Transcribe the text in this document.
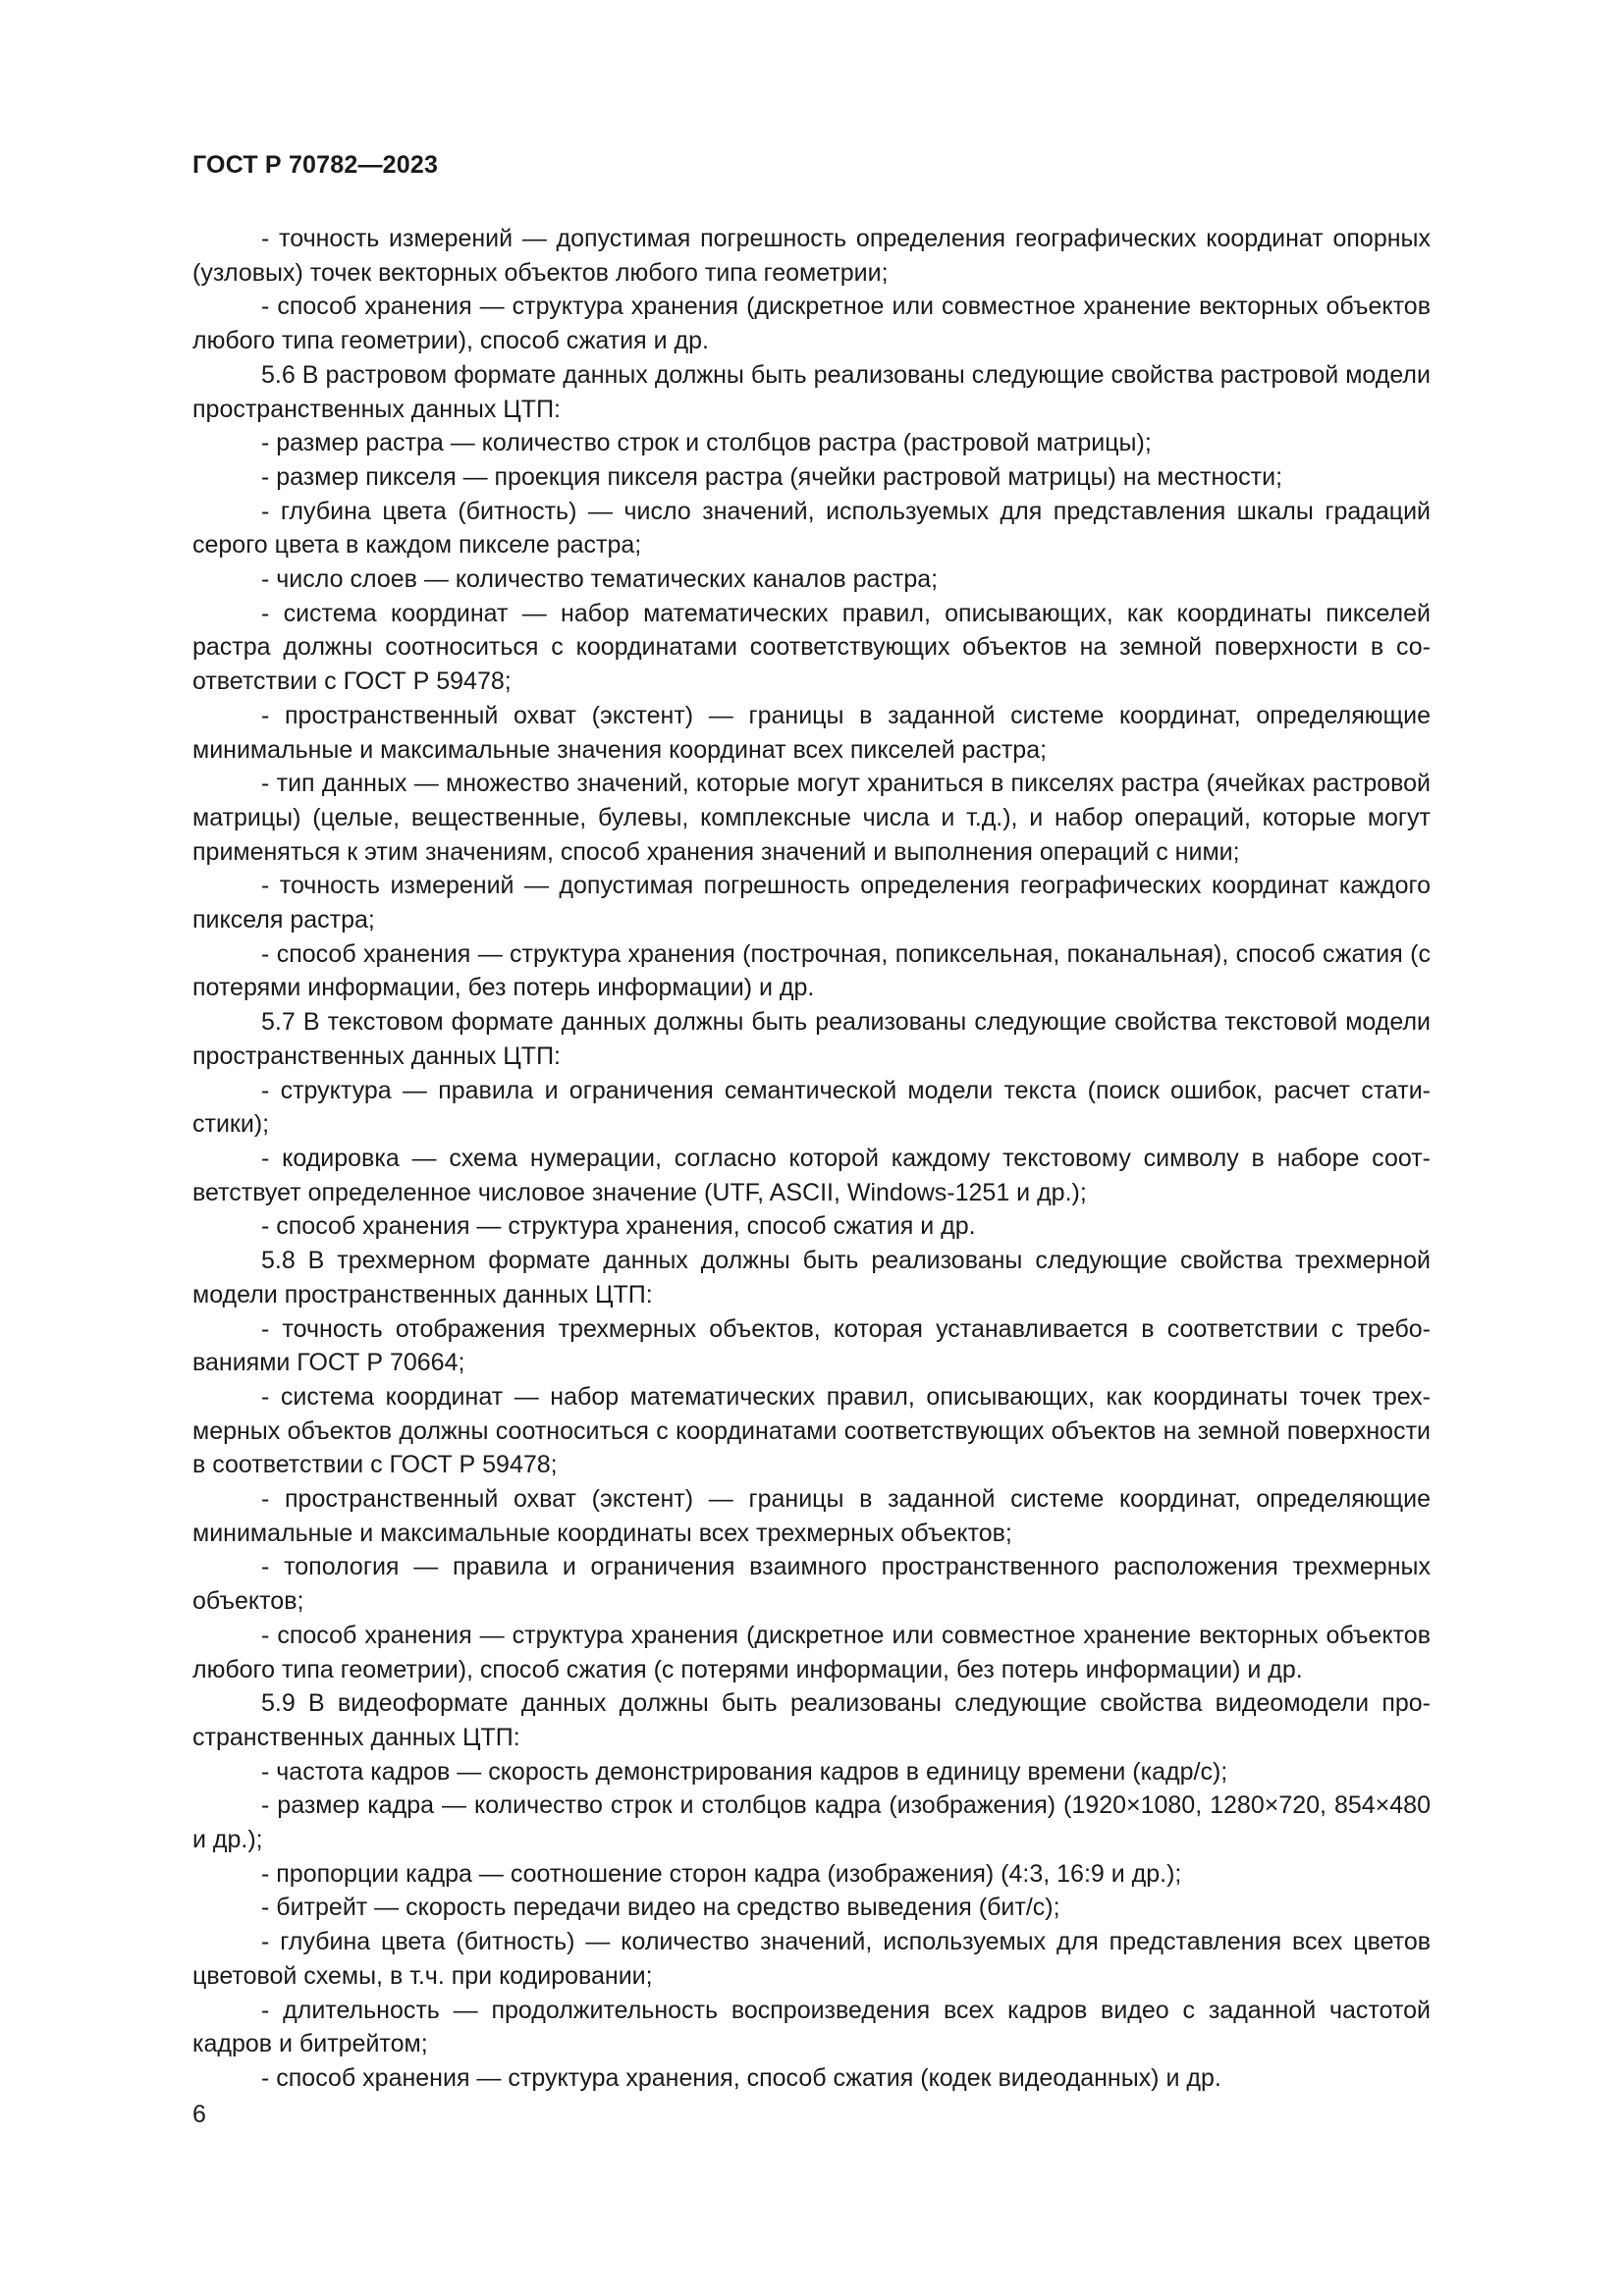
ГОСТ Р 70782—2023

- точность измерений — допустимая погрешность определения географических координат опорных (узловых) точек векторных объектов любого типа геометрии;

- способ хранения — структура хранения (дискретное или совместное хранение векторных объектов любого типа геометрии), способ сжатия и др.

5.6 В растровом формате данных должны быть реализованы следующие свойства растровой модели пространственных данных ЦТП:

- размер растра — количество строк и столбцов растра (растровой матрицы);

- размер пикселя — проекция пикселя растра (ячейки растровой матрицы) на местности;

- глубина цвета (битность) — число значений, используемых для представления шкалы градаций серого цвета в каждом пикселе растра;

- число слоев — количество тематических каналов растра;

- система координат — набор математических правил, описывающих, как координаты пикселей растра должны соотноситься с координатами соответствующих объектов на земной поверхности в соответствии с ГОСТ Р 59478;

- пространственный охват (экстент) — границы в заданной системе координат, определяющие минимальные и максимальные значения координат всех пикселей растра;

- тип данных — множество значений, которые могут храниться в пикселях растра (ячейках растровой матрицы) (целые, вещественные, булевы, комплексные числа и т.д.), и набор операций, которые могут применяться к этим значениям, способ хранения значений и выполнения операций с ними;

- точность измерений — допустимая погрешность определения географических координат каждого пикселя растра;

- способ хранения — структура хранения (построчная, попиксельная, поканальная), способ сжатия (с потерями информации, без потерь информации) и др.

5.7 В текстовом формате данных должны быть реализованы следующие свойства текстовой модели пространственных данных ЦТП:

- структура — правила и ограничения семантической модели текста (поиск ошибок, расчет статистики);

- кодировка — схема нумерации, согласно которой каждому текстовому символу в наборе соответствует определенное числовое значение (UTF, ASCII, Windows-1251 и др.);

- способ хранения — структура хранения, способ сжатия и др.

5.8 В трехмерном формате данных должны быть реализованы следующие свойства трехмерной модели пространственных данных ЦТП:

- точность отображения трехмерных объектов, которая устанавливается в соответствии с требованиями ГОСТ Р 70664;

- система координат — набор математических правил, описывающих, как координаты точек трехмерных объектов должны соотноситься с координатами соответствующих объектов на земной поверхности в соответствии с ГОСТ Р 59478;

- пространственный охват (экстент) — границы в заданной системе координат, определяющие минимальные и максимальные координаты всех трехмерных объектов;

- топология — правила и ограничения взаимного пространственного расположения трехмерных объектов;

- способ хранения — структура хранения (дискретное или совместное хранение векторных объектов любого типа геометрии), способ сжатия (с потерями информации, без потерь информации) и др.

5.9 В видеоформате данных должны быть реализованы следующие свойства видеомодели пространственных данных ЦТП:

- частота кадров — скорость демонстрирования кадров в единицу времени (кадр/с);

- размер кадра — количество строк и столбцов кадра (изображения) (1920×1080, 1280×720, 854×480 и др.);

- пропорции кадра — соотношение сторон кадра (изображения) (4:3, 16:9 и др.);

- битрейт — скорость передачи видео на средство выведения (бит/с);

- глубина цвета (битность) — количество значений, используемых для представления всех цветов цветовой схемы, в т.ч. при кодировании;

- длительность — продолжительность воспроизведения всех кадров видео с заданной частотой кадров и битрейтом;

- способ хранения — структура хранения, способ сжатия (кодек видеоданных) и др.

6
